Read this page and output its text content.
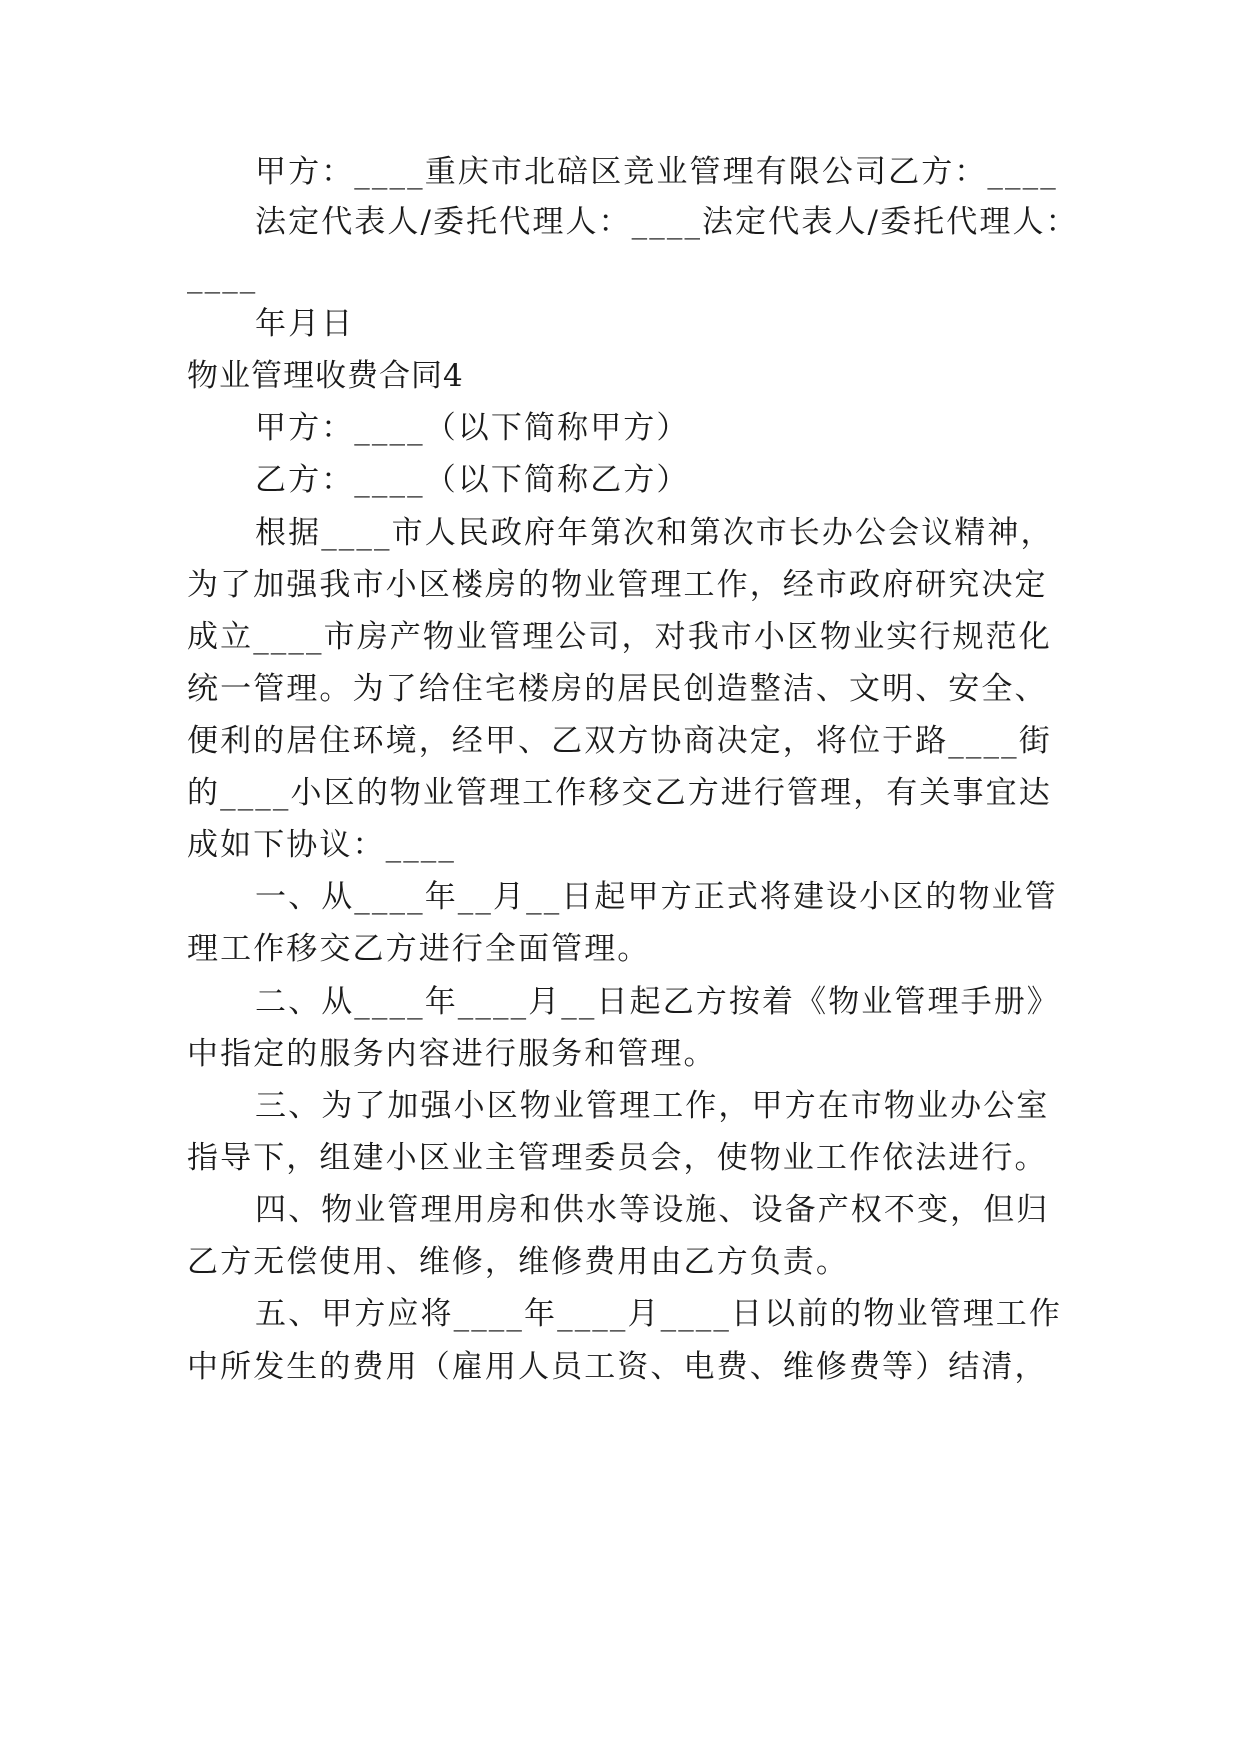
甲方：____重庆市北碚区竞业管理有限公司乙方：____
法定代表人/委托代理人：____法定代表人/委托代理人：
____
年月日
物业管理收费合同4
甲方：____（以下简称甲方）
乙方：____（以下简称乙方）
根据____市人民政府年第次和第次市长办公会议精神，
为了加强我市小区楼房的物业管理工作，经市政府研究决定
成立____市房产物业管理公司，对我市小区物业实行规范化
统一管理。为了给住宅楼房的居民创造整洁、文明、安全、
便利的居住环境，经甲、乙双方协商决定，将位于路____街
的____小区的物业管理工作移交乙方进行管理，有关事宜达
成如下协议：____
一、从____年__月__日起甲方正式将建设小区的物业管
理工作移交乙方进行全面管理。
二、从____年____月__日起乙方按着《物业管理手册》
中指定的服务内容进行服务和管理。
三、为了加强小区物业管理工作，甲方在市物业办公室
指导下，组建小区业主管理委员会，使物业工作依法进行。
四、物业管理用房和供水等设施、设备产权不变，但归
乙方无偿使用、维修，维修费用由乙方负责。
五、甲方应将____年____月____日以前的物业管理工作
中所发生的费用（雇用人员工资、电费、维修费等）结清，
